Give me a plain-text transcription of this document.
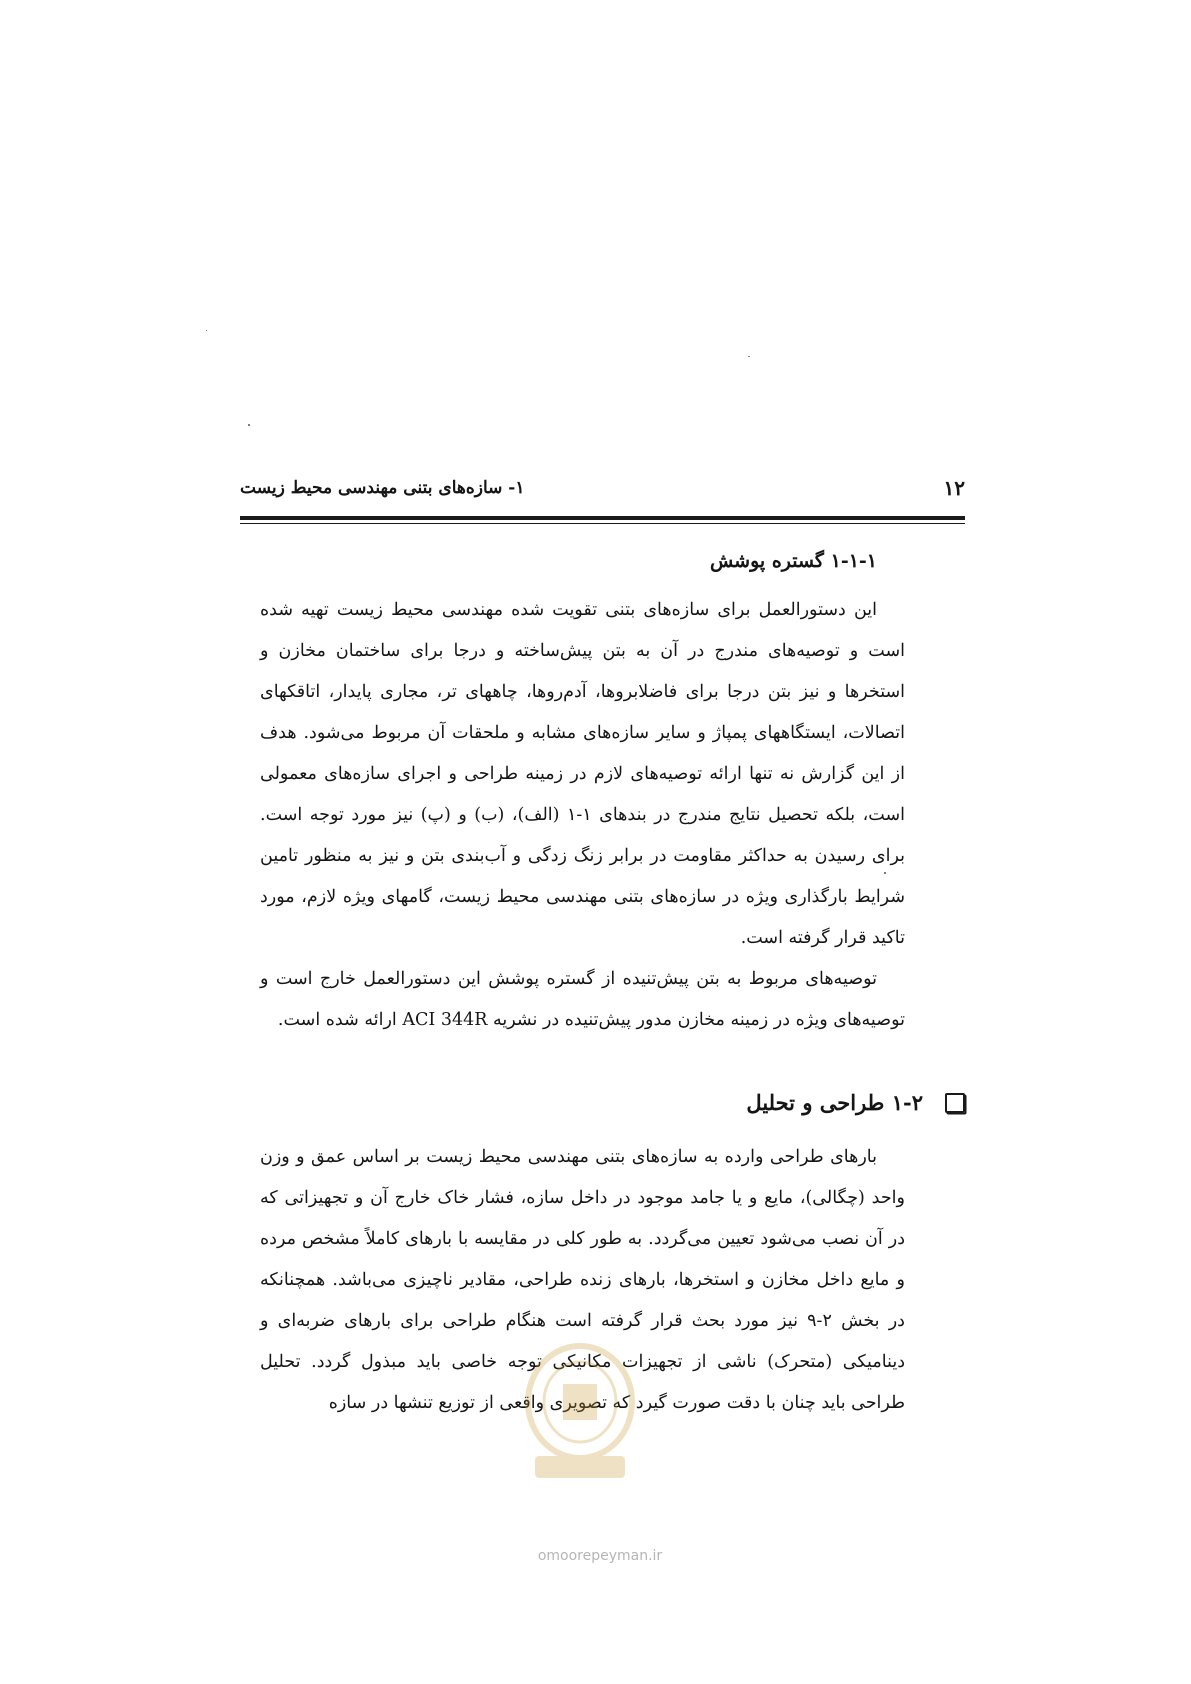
۱- سازه‌های بتنی مهندسی محیط زیست	۱۲
۱-۱-۱ گستره پوشش

این دستورالعمل برای سازه‌های بتنی تقویت شده مهندسی محیط زیست تهیه شده است و توصیه‌های مندرج در آن به بتن پیش‌ساخته و درجا برای ساختمان مخازن و استخرها و نیز بتن درجا برای فاضلابروها، آدم‌روها، چاههای تر، مجاری پایدار، اتاقکهای اتصالات، ایستگاههای پمپاژ و سایر سازه‌های مشابه و ملحقات آن مربوط می‌شود. هدف از این گزارش نه تنها ارائه توصیه‌های لازم در زمینه طراحی و اجرای سازه‌های معمولی است، بلکه تحصیل نتایج مندرج در بندهای ۱-۱ (الف)، (ب) و (پ) نیز مورد توجه است. برای رسیدن به حداکثر مقاومت در برابر زنگ زدگی و آب‌بندی بتن و نیز به منظور تامین شرایط بارگذاری ویژه در سازه‌های بتنی مهندسی محیط زیست، گامهای ویژه لازم، مورد تاکید قرار گرفته است.

توصیه‌های مربوط به بتن پیش‌تنیده از گستره پوشش این دستورالعمل خارج است و توصیه‌های ویژه در زمینه مخازن مدور پیش‌تنیده در نشریه ACI 344R ارائه شده است.

۱-۲ طراحی و تحلیل

بارهای طراحی وارده به سازه‌های بتنی مهندسی محیط زیست بر اساس عمق و وزن واحد (چگالی)، مایع و یا جامد موجود در داخل سازه، فشار خاک خارج آن و تجهیزاتی که در آن نصب می‌شود تعیین می‌گردد. به طور کلی در مقایسه با بارهای کاملاً مشخص مرده و مایع داخل مخازن و استخرها، بارهای زنده طراحی، مقادیر ناچیزی می‌باشد. همچنانکه در بخش ۲-۹ نیز مورد بحث قرار گرفته است هنگام طراحی برای بارهای ضربه‌ای و دینامیکی (متحرک) ناشی از تجهیزات مکانیکی توجه خاصی باید مبذول گردد. تحلیل طراحی باید چنان با دقت صورت گیرد که تصویری واقعی از توزیع تنشها در سازه

omoorepeyman.ir
